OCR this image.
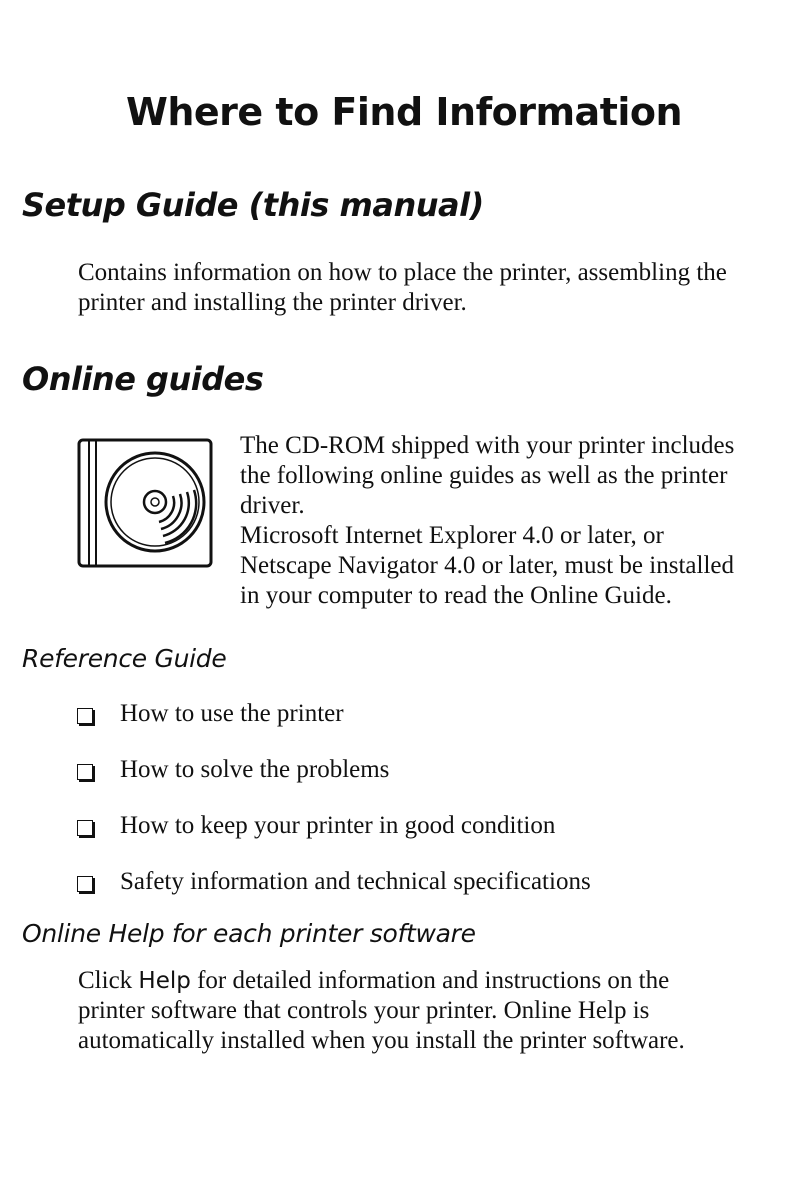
Where to Find Information
Setup Guide (this manual)

Contains information on how to place the printer, assembling the
printer and installing the printer driver.

Online guides

The CD-ROM shipped with your printer includes
the following online guides as well as the printer
driver.
Microsoft Internet Explorer 4.0 or later, or
Netscape Navigator 4.0 or later, must be installed
in your computer to read the Online Guide.

Reference Guide
How to use the printer
How to solve the problems
How to keep your printer in good condition
Safety information and technical specifications
Online Help for each printer software

Click Help for detailed information and instructions on the
printer software that controls your printer. Online Help is
automatically installed when you install the printer software.
